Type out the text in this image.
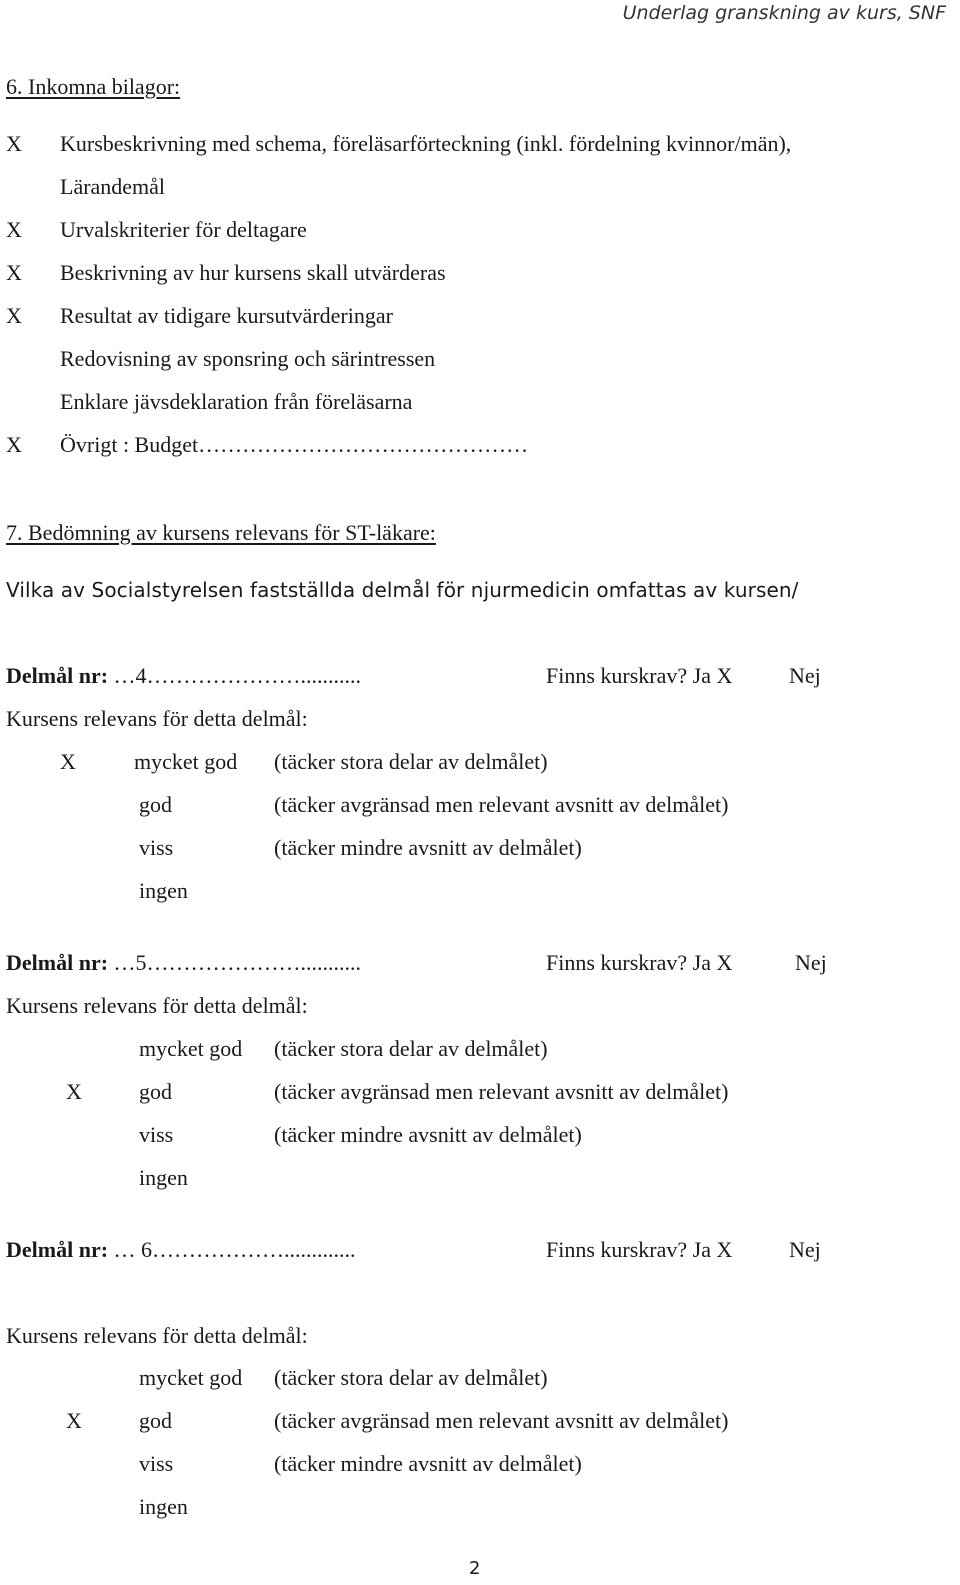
Underlag granskning av kurs, SNF
6. Inkomna bilagor:
X Kursbeskrivning med schema, föreläsarförteckning (inkl. fördelning kvinnor/män),
Lärandemål
X Urvalskriterier för deltagare
X Beskrivning av hur kursens skall utvärderas
X Resultat av tidigare kursutvärderingar
Redovisning av sponsring och särintressen
Enklare jävsdeklaration från föreläsarna
X Övrigt : Budget………………………………………
7. Bedömning av kursens relevans för ST-läkare:
Vilka av Socialstyrelsen fastställda delmål för njurmedicin omfattas av kursen/
Delmål nr: …4…………………...........	Finns kurskrav? Ja X	Nej
Kursens relevans för detta delmål:
X	mycket god (täcker stora delar av delmålet)
god	(täcker avgränsad men relevant avsnitt av delmålet)
viss	(täcker mindre avsnitt av delmålet)
ingen
Delmål nr: …5…………………...........	Finns kurskrav? Ja X	Nej
Kursens relevans för detta delmål:
mycket god (täcker stora delar av delmålet)
X	god	(täcker avgränsad men relevant avsnitt av delmålet)
viss	(täcker mindre avsnitt av delmålet)
ingen
Delmål nr: … 6……………….............	Finns kurskrav? Ja X	Nej
Kursens relevans för detta delmål:
mycket god (täcker stora delar av delmålet)
X	god	(täcker avgränsad men relevant avsnitt av delmålet)
viss	(täcker mindre avsnitt av delmålet)
ingen
2
